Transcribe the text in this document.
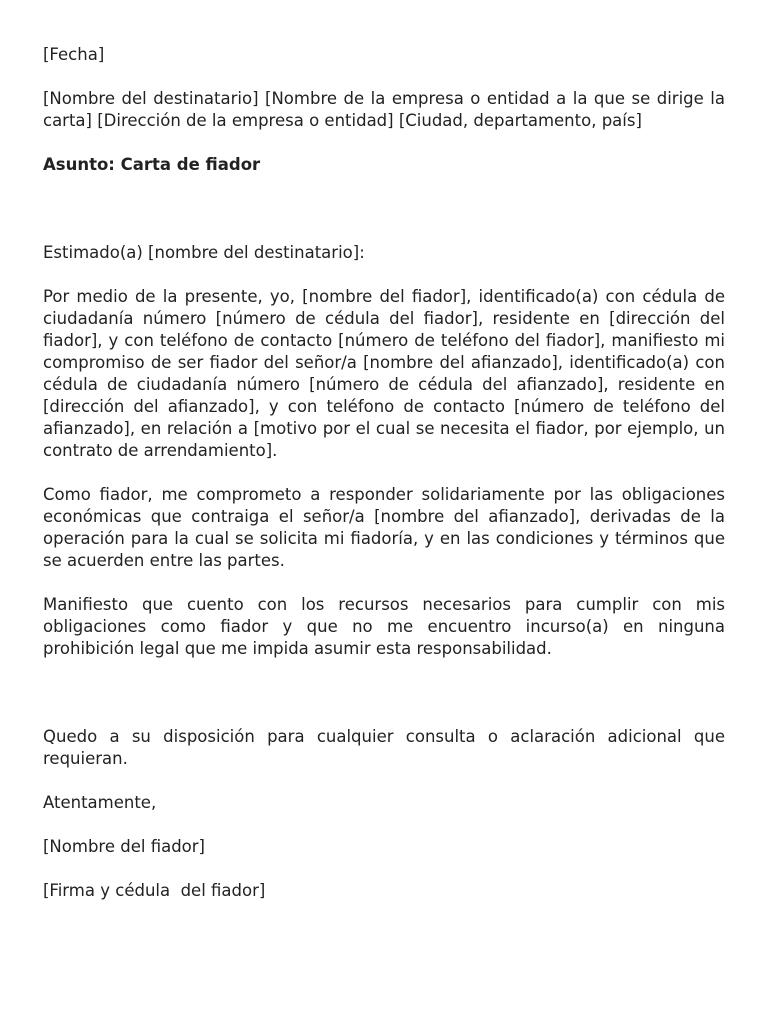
[Fecha]

[Nombre del destinatario] [Nombre de la empresa o entidad a la que se dirige la carta] [Dirección de la empresa o entidad] [Ciudad, departamento, país]

Asunto: Carta de fiador

Estimado(a) [nombre del destinatario]:

Por medio de la presente, yo, [nombre del fiador], identificado(a) con cédula de ciudadanía número [número de cédula del fiador], residente en [dirección del fiador], y con teléfono de contacto [número de teléfono del fiador], manifiesto mi compromiso de ser fiador del señor/a [nombre del afianzado], identificado(a) con cédula de ciudadanía número [número de cédula del afianzado], residente en [dirección del afianzado], y con teléfono de contacto [número de teléfono del afianzado], en relación a [motivo por el cual se necesita el fiador, por ejemplo, un contrato de arrendamiento].

Como fiador, me comprometo a responder solidariamente por las obligaciones económicas que contraiga el señor/a [nombre del afianzado], derivadas de la operación para la cual se solicita mi fiadoría, y en las condiciones y términos que se acuerden entre las partes.

Manifiesto que cuento con los recursos necesarios para cumplir con mis obligaciones como fiador y que no me encuentro incurso(a) en ninguna prohibición legal que me impida asumir esta responsabilidad.

Quedo a su disposición para cualquier consulta o aclaración adicional que requieran.

Atentamente,

[Nombre del fiador]

[Firma y cédula  del fiador]
